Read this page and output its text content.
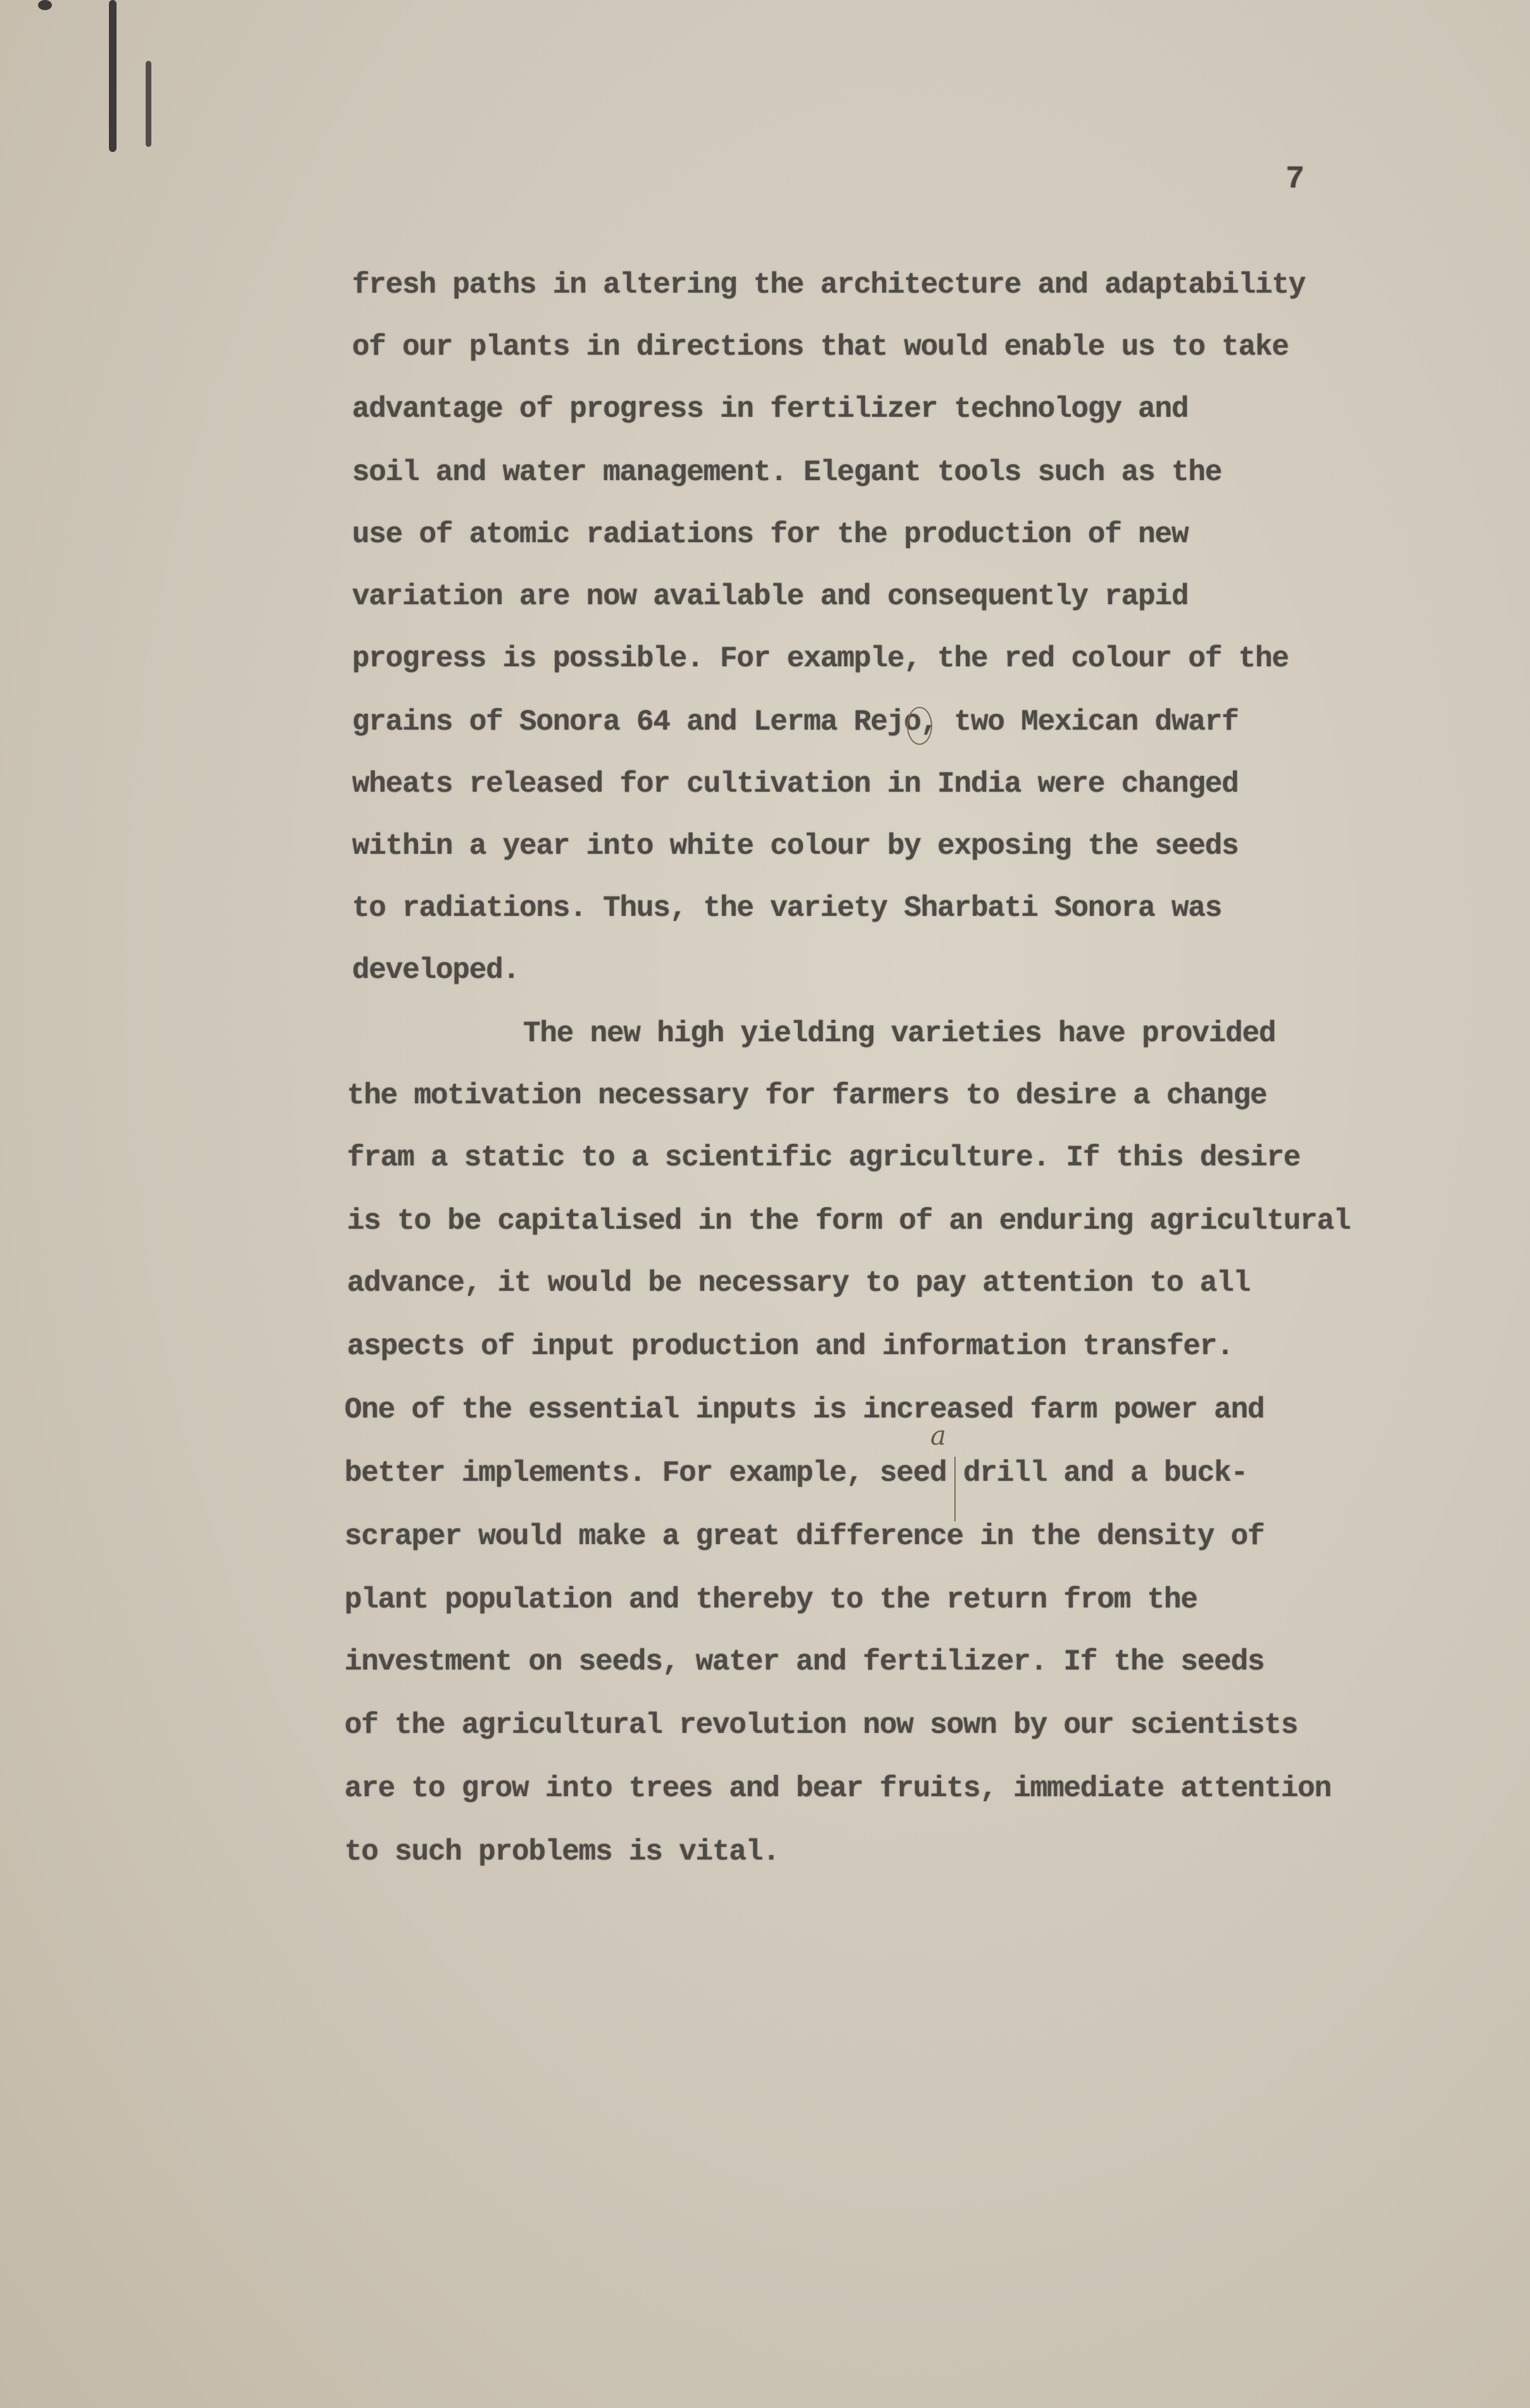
7
fresh paths in altering the architecture and adaptability
of our plants in directions that would enable us to take
advantage of progress in fertilizer technology and
soil and water management. Elegant tools such as the
use of atomic radiations for the production of new
variation are now available and consequently rapid
progress is possible. For example, the red colour of the
grains of Sonora 64 and Lerma Rejo, two Mexican dwarf
wheats released for cultivation in India were changed
within a year into white colour by exposing the seeds
to radiations. Thus, the variety Sharbati Sonora was
developed.
The new high yielding varieties have provided
the motivation necessary for farmers to desire a change
fram a static to a scientific agriculture. If this desire
is to be capitalised in the form of an enduring agricultural
advance, it would be necessary to pay attention to all
aspects of input production and information transfer.
One of the essential inputs is increased farm power and
better implements. For example, seed drill and a buck-
scraper would make a great difference in the density of
plant population and thereby to the return from the
investment on seeds, water and fertilizer. If the seeds
of the agricultural revolution now sown by our scientists
are to grow into trees and bear fruits, immediate attention
to such problems is vital.
a
